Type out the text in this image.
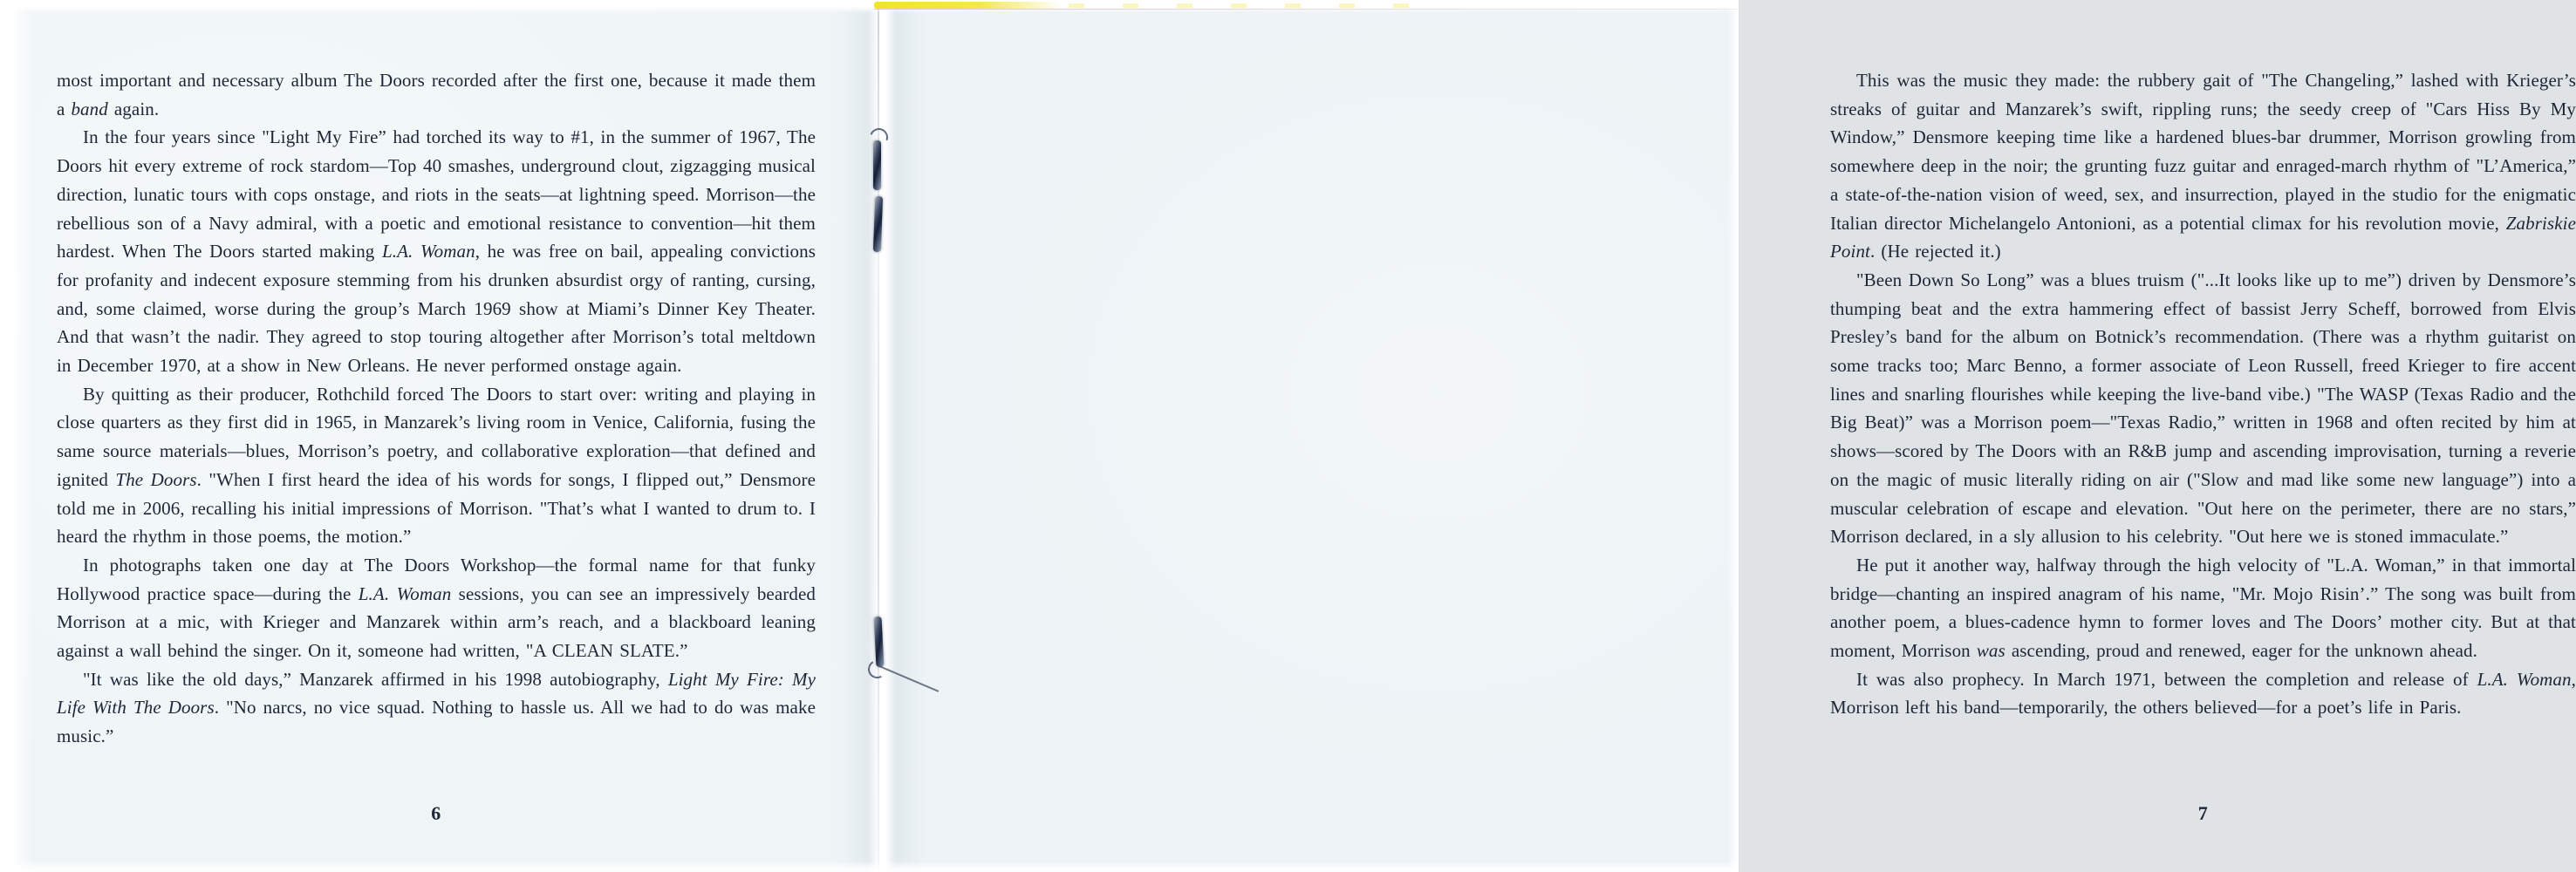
most important and necessary album The Doors recorded after the first one, because it made them a band again.

In the four years since "Light My Fire” had torched its way to #1, in the summer of 1967, The Doors hit every extreme of rock stardom—Top 40 smashes, underground clout, zigzagging musical direction, lunatic tours with cops onstage, and riots in the seats—at lightning speed. Morrison—the rebellious son of a Navy admiral, with a poetic and emotional resistance to convention—hit them hardest. When The Doors started making L.A. Woman, he was free on bail, appealing convictions for profanity and indecent exposure stemming from his drunken absurdist orgy of ranting, cursing, and, some claimed, worse during the group’s March 1969 show at Miami’s Dinner Key Theater. And that wasn’t the nadir. They agreed to stop touring altogether after Morrison’s total meltdown in December 1970, at a show in New Orleans. He never performed onstage again.

By quitting as their producer, Rothchild forced The Doors to start over: writing and playing in close quarters as they first did in 1965, in Manzarek’s living room in Venice, California, fusing the same source materials—blues, Morrison’s poetry, and collaborative exploration—that defined and ignited The Doors. "When I first heard the idea of his words for songs, I flipped out,” Densmore told me in 2006, recalling his initial impressions of Morrison. "That’s what I wanted to drum to. I heard the rhythm in those poems, the motion.”

In photographs taken one day at The Doors Workshop—the formal name for that funky Hollywood practice space—during the L.A. Woman sessions, you can see an impressively bearded Morrison at a mic, with Krieger and Manzarek within arm’s reach, and a blackboard leaning against a wall behind the singer. On it, someone had written, "A CLEAN SLATE.”

"It was like the old days,” Manzarek affirmed in his 1998 autobiography, Light My Fire: My Life With The Doors. "No narcs, no vice squad. Nothing to hassle us. All we had to do was make music.”

6

This was the music they made: the rubbery gait of "The Changeling,” lashed with Krieger’s streaks of guitar and Manzarek’s swift, rippling runs; the seedy creep of "Cars Hiss By My Window,” Densmore keeping time like a hardened blues-bar drummer, Morrison growling from somewhere deep in the noir; the grunting fuzz guitar and enraged-march rhythm of "L’America,” a state-of-the-nation vision of weed, sex, and insurrection, played in the studio for the enigmatic Italian director Michelangelo Antonioni, as a potential climax for his revolution movie, Zabriskie Point. (He rejected it.)

"Been Down So Long” was a blues truism ("...It looks like up to me”) driven by Densmore’s thumping beat and the extra hammering effect of bassist Jerry Scheff, borrowed from Elvis Presley’s band for the album on Botnick’s recommendation. (There was a rhythm guitarist on some tracks too; Marc Benno, a former associate of Leon Russell, freed Krieger to fire accent lines and snarling flourishes while keeping the live-band vibe.) "The WASP (Texas Radio and the Big Beat)” was a Morrison poem—"Texas Radio,” written in 1968 and often recited by him at shows—scored by The Doors with an R&B jump and ascending improvisation, turning a reverie on the magic of music literally riding on air ("Slow and mad like some new language”) into a muscular celebration of escape and elevation. "Out here on the perimeter, there are no stars,” Morrison declared, in a sly allusion to his celebrity. "Out here we is stoned immaculate.”

He put it another way, halfway through the high velocity of "L.A. Woman,” in that immortal bridge—chanting an inspired anagram of his name, "Mr. Mojo Risin’.” The song was built from another poem, a blues-cadence hymn to former loves and The Doors’ mother city. But at that moment, Morrison was ascending, proud and renewed, eager for the unknown ahead.

It was also prophecy. In March 1971, between the completion and release of L.A. Woman, Morrison left his band—temporarily, the others believed—for a poet’s life in Paris.

7
